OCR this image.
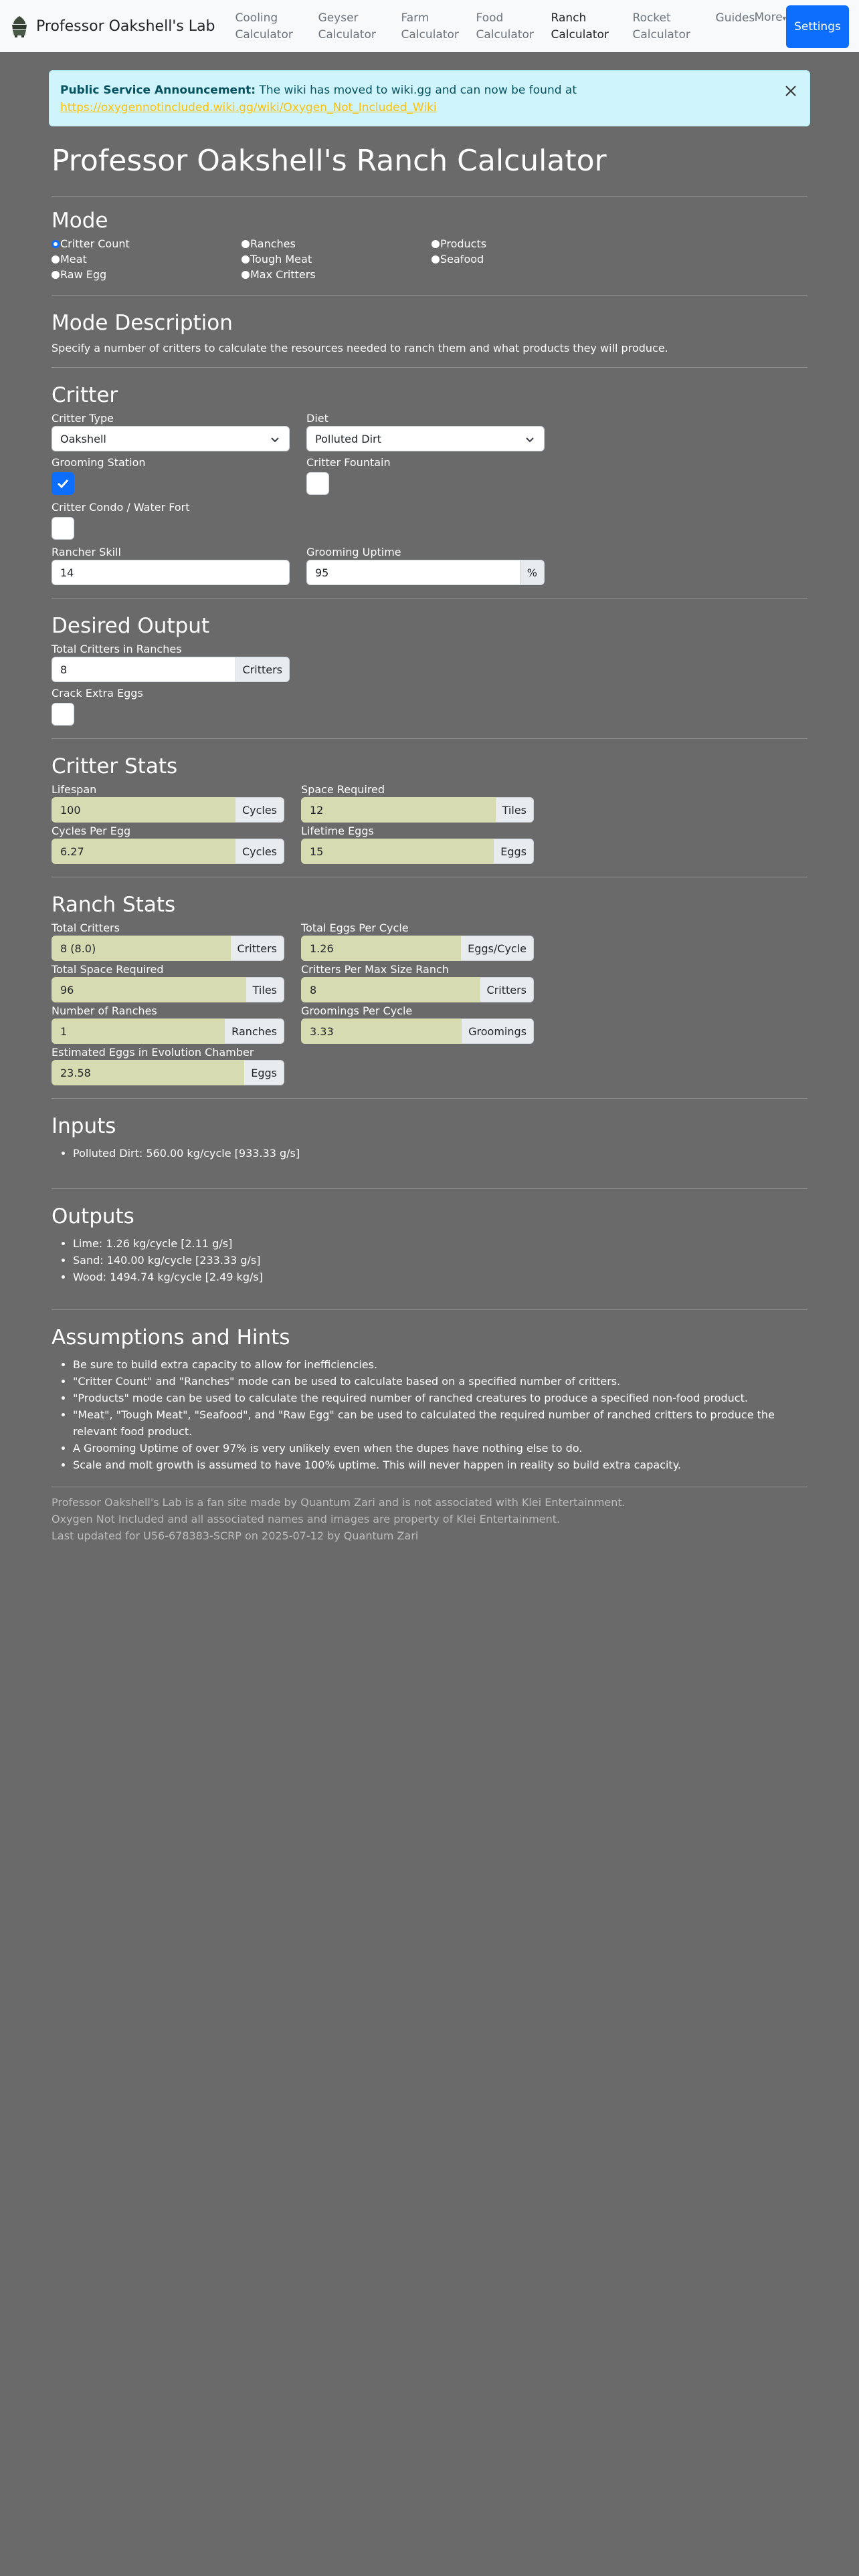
Professor Oakshell's Lab Cooling
Calculator
Geyser
Calculator
Farm
Calculator
Food
Calculator
Ranch
Calculator
Rocket
Calculator
Guides More▾
Settings
Public Service Announcement: The wiki has moved to wiki.gg and can now be found at
https://oxygennotincluded.wiki.gg/wiki/Oxygen_Not_Included_Wiki
Professor Oakshell's Ranch Calculator
Mode
Critter Count	Ranches	Products
Meat	Tough Meat	Seafood
Raw Egg	Max Critters
Mode Description

Specify a number of critters to calculate the resources needed to ranch them and what products they will produce.

Critter
Critter Type
Oakshell
Diet
Polluted Dirt
Grooming Station	Critter Fountain
Critter Condo / Water Fort
Rancher Skill
14
Grooming Uptime
95	%
Desired Output
Total Critters in Ranches
8	Critters
Crack Extra Eggs
Critter Stats
Lifespan
100	Cycles
Space Required
12	Tiles
Cycles Per Egg
6.27	Cycles
Lifetime Eggs
15	Eggs
Ranch Stats
Total Critters
8 (8.0)	Critters
Total Eggs Per Cycle
1.26	Eggs/Cycle
Total Space Required
96	Tiles
Critters Per Max Size Ranch
8	Critters
Number of Ranches
1	Ranches
Groomings Per Cycle
3.33	Groomings
Estimated Eggs in Evolution Chamber
23.58	Eggs
Inputs
• Polluted Dirt: 560.00 kg/cycle [933.33 g/s]
Outputs
• Lime: 1.26 kg/cycle [2.11 g/s]
• Sand: 140.00 kg/cycle [233.33 g/s]
• Wood: 1494.74 kg/cycle [2.49 kg/s]
Assumptions and Hints
• Be sure to build extra capacity to allow for inefficiencies.
• "Critter Count" and "Ranches" mode can be used to calculate based on a specified number of critters.
• "Products" mode can be used to calculate the required number of ranched creatures to produce a specified non-food product.
• "Meat", "Tough Meat", "Seafood", and "Raw Egg" can be used to calculated the required number of ranched critters to produce the relevant food product.
• A Grooming Uptime of over 97% is very unlikely even when the dupes have nothing else to do.
• Scale and molt growth is assumed to have 100% uptime. This will never happen in reality so build extra capacity.
Professor Oakshell's Lab is a fan site made by Quantum Zari and is not associated with Klei Entertainment.
Oxygen Not Included and all associated names and images are property of Klei Entertainment.
Last updated for U56-678383-SCRP on 2025-07-12 by Quantum Zari
